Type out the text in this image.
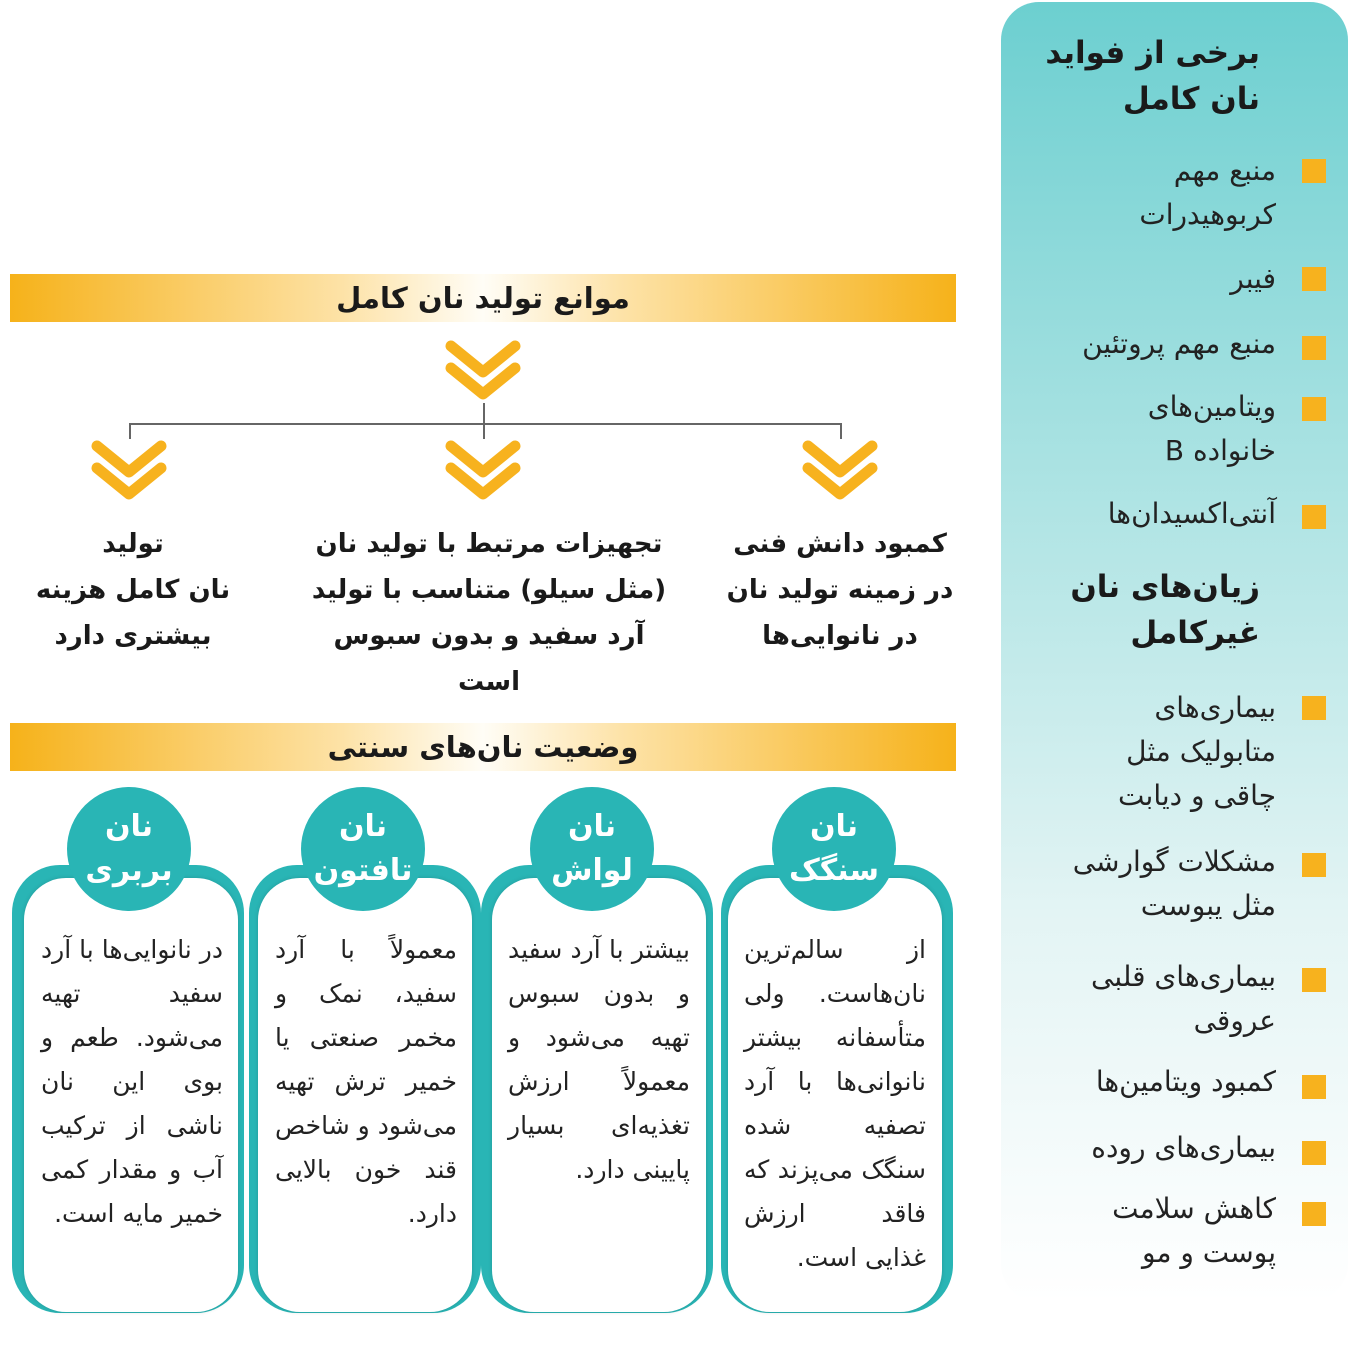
برخی از فواید
نان کامل
منبع مهم
کربوهیدرات
فیبر
منبع مهم پروتئین
ویتامین‌های
خانواده B
آنتی‌اکسیدان‌ها
زیان‌های نان
غیرکامل
بیماری‌های
متابولیک مثل
چاقی و دیابت
مشکلات گوارشی
مثل یبوست
بیماری‌های قلبی
عروقی
کمبود ویتامین‌ها
بیماری‌های روده
کاهش سلامت
پوست و مو
موانع تولید نان کامل
کمبود دانش فنی
در زمینه تولید نان
در نانوایی‌ها
تجهیزات مرتبط با تولید نان
(مثل سیلو) متناسب با تولید
آرد سفید و بدون سبوس است
تولید
نان کامل هزینه
بیشتری دارد
وضعیت نان‌های سنتی
از سالم‌ترین نان‌هاست. ولی متأسفانه بیشتر نانوانی‌ها با آرد تصفیه شده سنگک می‌پزند که فاقد ارزش غذایی است.
نان
سنگک
بیشتر با آرد سفید و بدون سبوس تهیه می‌شود و معمولاً ارزش تغذیه‌ای بسیار پایینی دارد.
نان
لواش
معمولاً با آرد سفید، نمک و مخمر صنعتی یا خمیر ترش تهیه می‌شود و شاخص قند خون بالایی دارد.
نان
تافتون
در نانوایی‌ها با آرد سفید تهیه می‌شود. طعم و بوی این نان ناشی از ترکیب آب و مقدار کمی خمیر مایه است.
نان
بربری
